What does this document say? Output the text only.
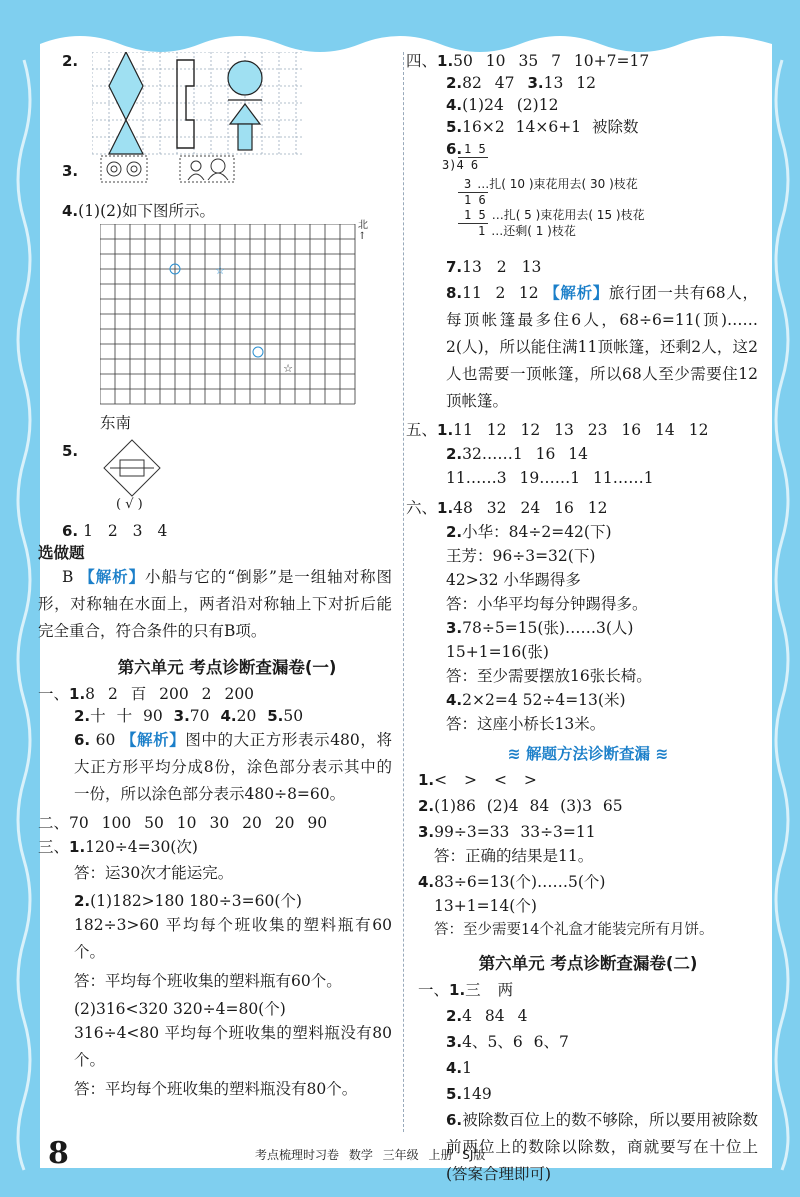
2.
3.
4.(1)(2)如下图所示。
☆
☆
北
↑
东南
5.
( √ )
6. 1 2 3 4
选做题
B 【解析】小船与它的“倒影”是一组轴对称图形，对称轴在水面上，两者沿对称轴上下对折后能完全重合，符合条件的只有B项。
第六单元 考点诊断查漏卷(一)
一、1.8 2 百 200 2 200
2.十 十 90 3.70 4.20 5.50
6. 60 【解析】图中的大正方形表示480，将大正方形平均分成8份，涂色部分表示其中的一份，所以涂色部分表示480÷8=60。
二、70 100 50 10 30 20 20 90
三、1.120÷4=30(次)
答：运30次才能运完。
2.(1)182>180 180÷3=60(个)
182÷3>60 平均每个班收集的塑料瓶有60个。
答：平均每个班收集的塑料瓶有60个。
(2)316<320 320÷4=80(个)
316÷4<80 平均每个班收集的塑料瓶没有80个。
答：平均每个班收集的塑料瓶没有80个。
四、1.50 10 35 7 10+7=17
2.82 47 3.13 12
4.(1)24 (2)12
5.16×2 14×6+1 被除数
6. 1 5
3)4 6
3 …扎( 10 )束花用去( 30 )枝花
1 6
1 5 …扎( 5 )束花用去( 15 )枝花
1 …还剩( 1 )枝花
7.13 2 13
8.11 2 12 【解析】旅行团一共有68人，每顶帐篷最多住6人，68÷6=11(顶)……2(人)，所以能住满11顶帐篷，还剩2人，这2人也需要一顶帐篷，所以68人至少需要住12顶帐篷。
五、1.11 12 12 13 23 16 14 12
2.32……1 16 14
11……3 19……1 11……1
六、1.48 32 24 16 12
2.小华：84÷2=42(下)
王芳：96÷3=32(下)
42>32 小华踢得多
答：小华平均每分钟踢得多。
3.78÷5=15(张)……3(人)
15+1=16(张)
答：至少需要摆放16张长椅。
4.2×2=4 52÷4=13(米)
答：这座小桥长13米。
≋ 解题方法诊断查漏 ≋
1.< > < >
2.(1)86 (2)4 84 (3)3 65
3.99÷3=33 33÷3=11
答：正确的结果是11。
4.83÷6=13(个)……5(个)
13+1=14(个)
答：至少需要14个礼盒才能装完所有月饼。
第六单元 考点诊断查漏卷(二)
一、1.三 两
2.4 84 4
3.4、5、6 6、7
4.1
5.149
6.被除数百位上的数不够除，所以要用被除数前两位上的数除以除数，商就要写在十位上(答案合理即可)
8	考点梳理时习卷 数学 三年级 上册 SJ版
